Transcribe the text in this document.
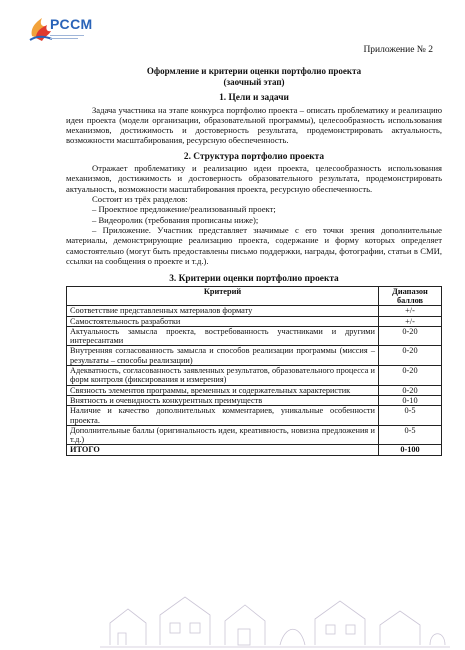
РССМ
Приложение № 2
Оформление и критерии оценки портфолио проекта
(заочный этап)
1. Цели и задачи

Задача участника на этапе конкурса портфолио проекта – описать проблематику и реализацию идеи проекта (модели организации, образовательной программы), целесообразность использования механизмов, достижимость и достоверность результата, продемонстрировать актуальность, возможности масштабирования, ресурсную обеспеченность.

2. Структура портфолио проекта

Отражает проблематику и реализацию идеи проекта, целесообразность использования механизмов, достижимость и достоверность образовательного результата, продемонстрировать актуальность, возможности масштабирования проекта, ресурсную обеспеченность.

Состоит из трёх разделов:

– Проектное предложение/реализованный проект;

– Видеоролик (требования прописаны ниже);

– Приложение. Участник представляет значимые с его точки зрения дополнительные материалы, демонстрирующие реализацию проекта, содержание и форму которых определяет самостоятельно (могут быть предоставлены письмо поддержки, награды, фотографии, статьи в СМИ, ссылки на сообщения о проекте и т.д.).

3. Критерии оценки портфолио проекта
Критерий	Диапазон баллов
Соответствие представленных материалов формату	+/-
Самостоятельность разработки	+/-
Актуальность замысла проекта, востребованность участниками и другими интересантами	0-20
Внутренняя согласованность замысла и способов реализации программы (миссия – результаты – способы реализации)	0-20
Адекватность, согласованность заявленных результатов, образовательного процесса и форм контроля (фиксирования и измерения)	0-20
Связность элементов программы, временных и содержательных характеристик	0-20
Внятность и очевидность конкурентных преимуществ	0-10
Наличие и качество дополнительных комментариев, уникальные особенности проекта.	0-5
Дополнительные баллы (оригинальность идеи, креативность, новизна предложения и т.д.)	0-5
ИТОГО	0-100
